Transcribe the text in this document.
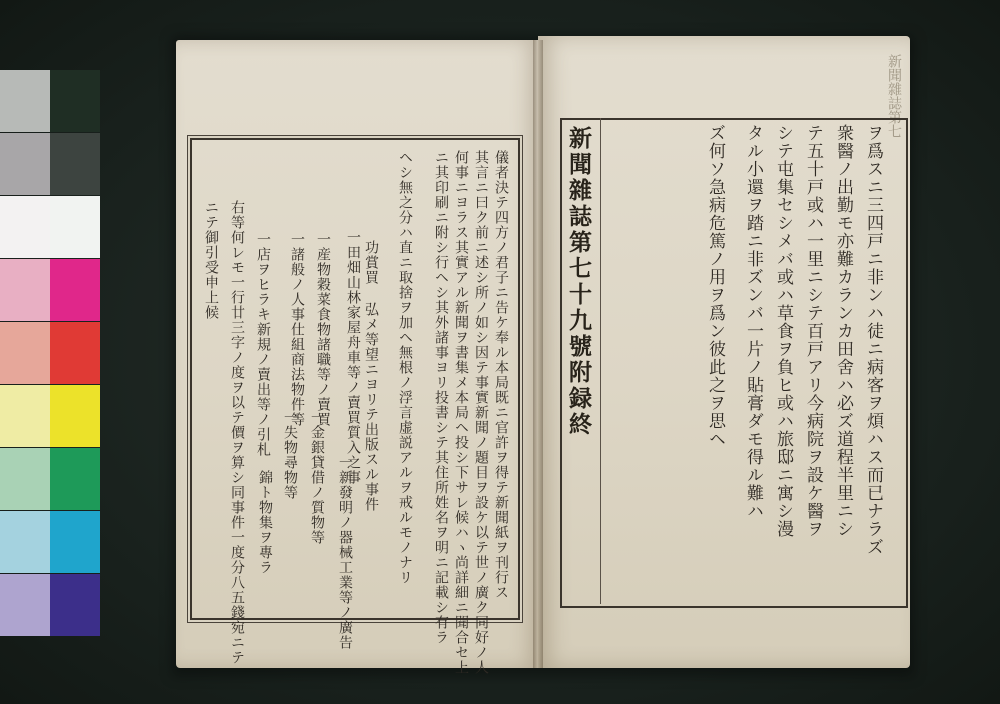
新聞雜誌第七
新聞雜誌第七十九號附録終	ヲ爲スニ三四戸ニ非ンハ徒ニ病客ヲ煩ハス而已ナラズ
衆醫ノ出勤モ亦難カランカ田舍ハ必ズ道程半里ニシ
テ五十戸或ハ一里ニシテ百戸アリ今病院ヲ設ケ醫ヲ
シテ屯集セシメバ或ハ草食ヲ負ヒ或ハ旅邸ニ寓シ漫
タル小還ヲ踏ニ非ズンバ一片ノ貼膏ダモ得ル難ハ
ズ何ソ急病危篤ノ用ヲ爲ン彼此之ヲ思ヘ
儀者決テ四方ノ君子ニ告ケ奉ル本局既ニ官許ヲ得テ新聞紙ヲ刊行ス
其言ニ曰ク前ニ述シ所ノ如シ因テ事實新聞ノ題目ヲ設ケ以テ世ノ廣ク同好ノ人
何事ニヨラス其實アル新聞ヲ書集メ本局ヘ投シ下サレ候ハヽ尚詳細ニ聞合セ上
ニ其印刷ニ附シ行ヘシ其外諸事ヨリ投書シテ其住所姓名ヲ明ニ記載シ有ラ
ヘシ無之分ハ直ニ取捨ヲ加ヘ無根ノ浮言虚説アルヲ戒ルモノナリ
功賞買 弘メ等望ニヨリテ出版スル事件
一田畑山林家屋舟車等ノ賣買質入之事
一産物穀菜食物諸職等ノ賣買
一諸般ノ人事仕組商法物件等
一店ヲヒラキ新規ノ賣出等ノ引札
右等何レモ一行廿三字ノ度ヲ以テ價ヲ算シ同事件一度分八五錢宛ニテ
ニテ御引受申上候
一新發明ノ器械工業等ノ廣告
一金銀貸借ノ質物等
一失物尋物等
錦ト物集ヲ專ラ
